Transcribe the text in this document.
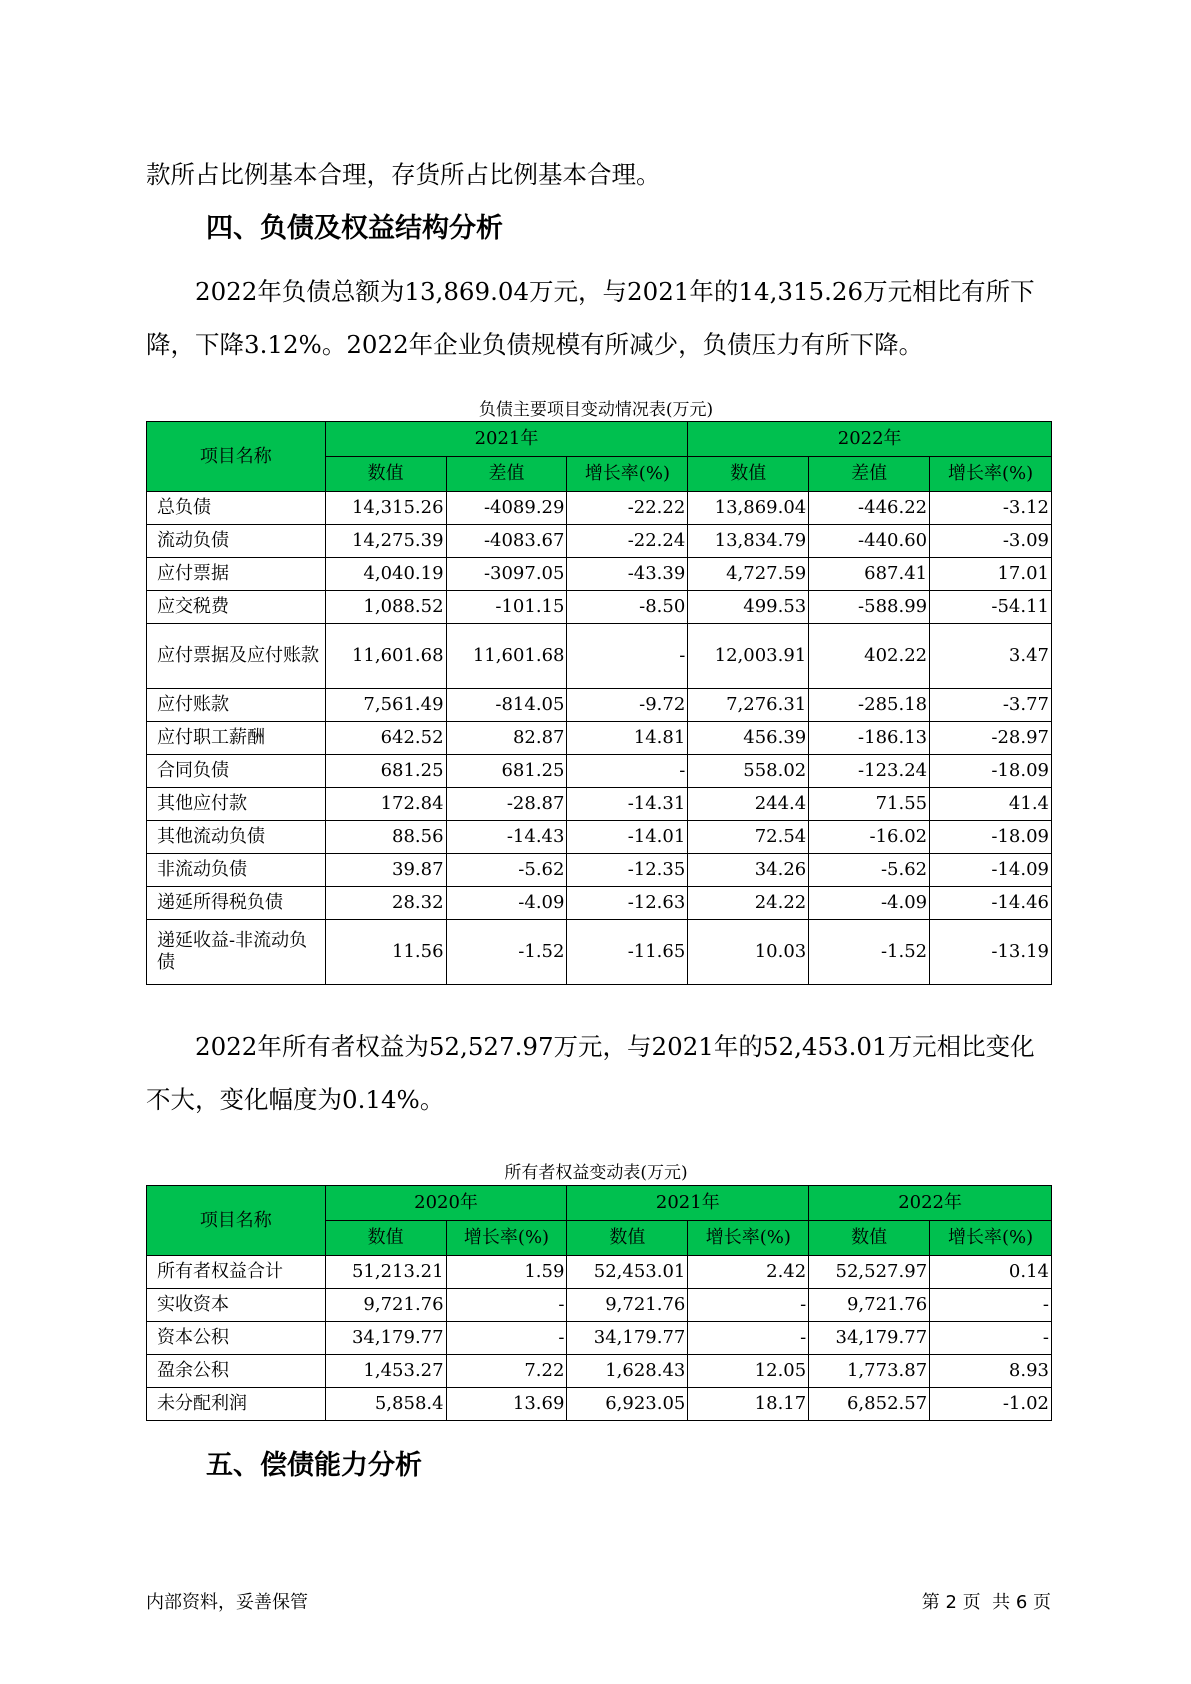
款所占比例基本合理，存货所占比例基本合理。

四、负债及权益结构分析

2022年负债总额为13,869.04万元，与2021年的14,315.26万元相比有所下降，下降3.12%。2022年企业负债规模有所减少，负债压力有所下降。

负债主要项目变动情况表(万元)
项目名称	2021年			2022年		
	数值	差值	增长率(%)	数值	差值	增长率(%)
总负债	14,315.26	-4089.29	-22.22	13,869.04	-446.22	-3.12
流动负债	14,275.39	-4083.67	-22.24	13,834.79	-440.60	-3.09
应付票据	4,040.19	-3097.05	-43.39	4,727.59	687.41	17.01
应交税费	1,088.52	-101.15	-8.50	499.53	-588.99	-54.11
应付票据及应付账款	11,601.68	11,601.68	-	12,003.91	402.22	3.47
应付账款	7,561.49	-814.05	-9.72	7,276.31	-285.18	-3.77
应付职工薪酬	642.52	82.87	14.81	456.39	-186.13	-28.97
合同负债	681.25	681.25	-	558.02	-123.24	-18.09
其他应付款	172.84	-28.87	-14.31	244.4	71.55	41.4
其他流动负债	88.56	-14.43	-14.01	72.54	-16.02	-18.09
非流动负债	39.87	-5.62	-12.35	34.26	-5.62	-14.09
递延所得税负债	28.32	-4.09	-12.63	24.22	-4.09	-14.46
递延收益-非流动负债	11.56	-1.52	-11.65	10.03	-1.52	-13.19

2022年所有者权益为52,527.97万元，与2021年的52,453.01万元相比变化不大，变化幅度为0.14%。

所有者权益变动表(万元)
项目名称	2020年		2021年		2022年	
	数值	增长率(%)	数值	增长率(%)	数值	增长率(%)
所有者权益合计	51,213.21	1.59	52,453.01	2.42	52,527.97	0.14
实收资本	9,721.76	-	9,721.76	-	9,721.76	-
资本公积	34,179.77	-	34,179.77	-	34,179.77	-
盈余公积	1,453.27	7.22	1,628.43	12.05	1,773.87	8.93
未分配利润	5,858.4	13.69	6,923.05	18.17	6,852.57	-1.02
五、偿债能力分析
内部资料，妥善保管	第 2 页  共 6 页
